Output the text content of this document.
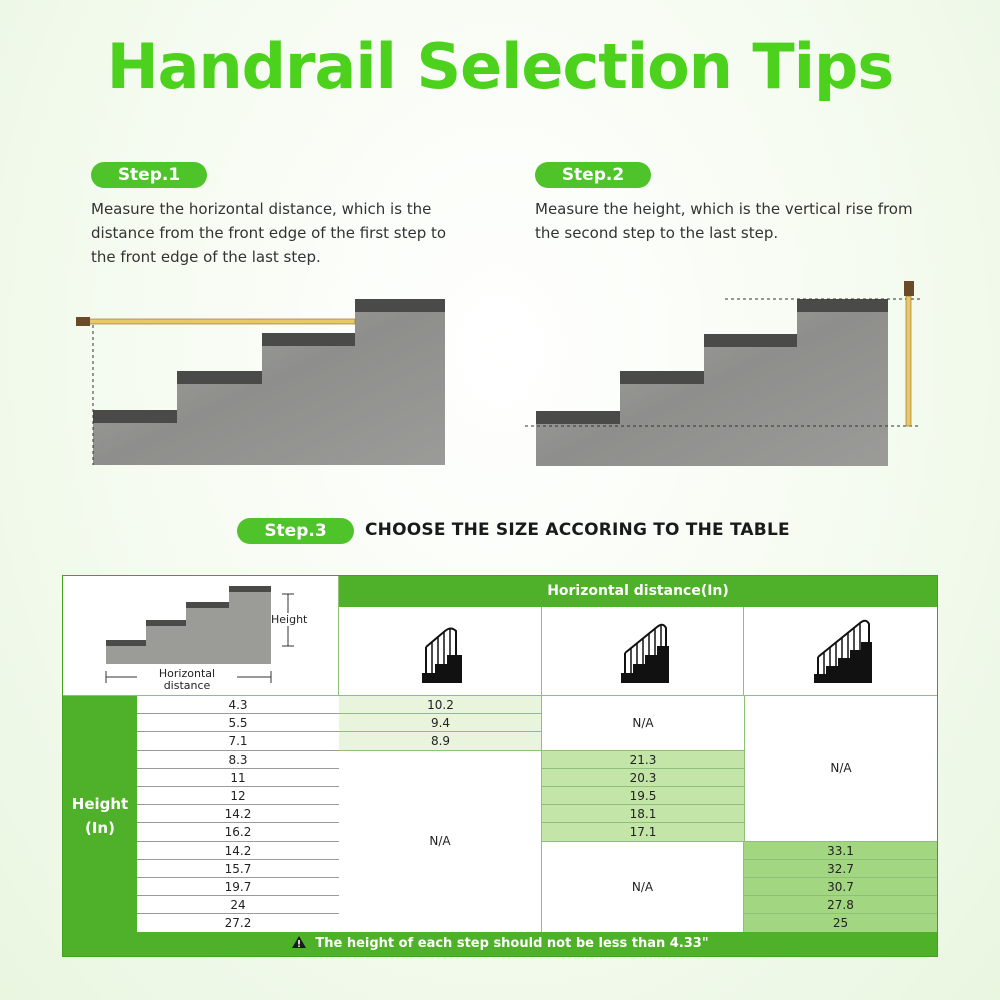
Handrail Selection Tips
Step.1
Measure the horizontal distance, which is the
distance from the front edge of the first step to
the front edge of the last step.
Step.2
Measure the height, which is the vertical rise from
the second step to the last step.
Step.3	CHOOSE THE SIZE ACCORING TO THE TABLE
Height
Horizontal
distance
Horizontal distance(In)
Height
(In)
4.3
5.5
7.1
8.3
11
12
14.2
16.2
14.2
15.7
19.7
24
27.2
10.2
9.4
8.9
N/A
N/A
21.3
20.3
19.5
18.1
17.1
N/A
N/A
33.1
32.7
30.7
27.8
25
The height of each step should not be less than 4.33"
